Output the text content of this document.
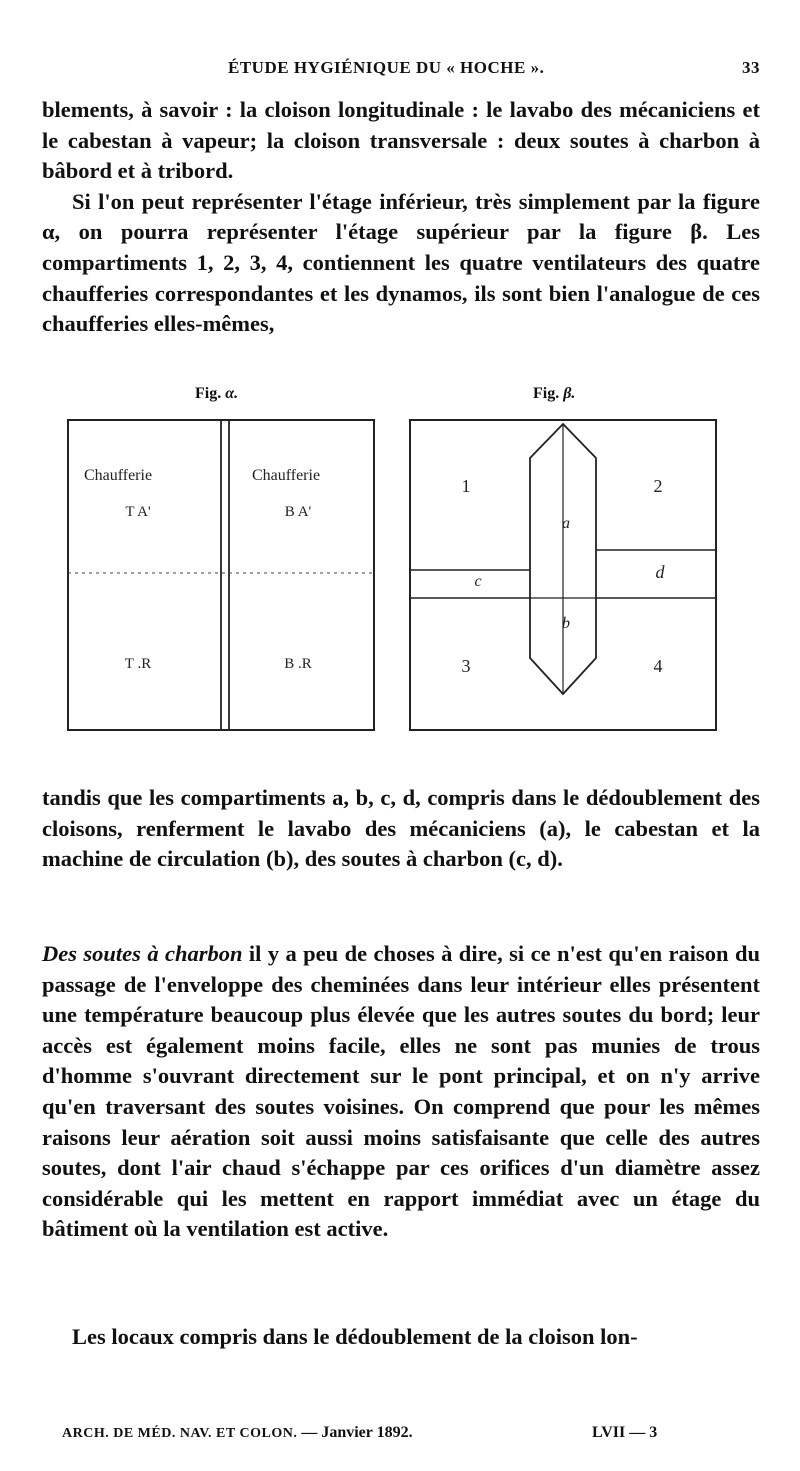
ÉTUDE HYGIÉNIQUE DU « HOCHE ».	33

blements, à savoir : la cloison longitudinale : le lavabo des mécaniciens et le cabestan à vapeur; la cloison transversale : deux soutes à charbon à bâbord et à tribord.
Si l'on peut représenter l'étage inférieur, très simplement par la figure α, on pourra représenter l'étage supérieur par la figure β. Les compartiments 1, 2, 3, 4, contiennent les quatre ventilateurs des quatre chaufferies correspondantes et les dynamos, ils sont bien l'analogue de ces chaufferies elles-mêmes,

Fig. α.	Fig. β.
Chaufferie
T A'
Chaufferie
B A'
T .R	B .R
1	2
3	4
a
b
c	d

tandis que les compartiments a, b, c, d, compris dans le dédoublement des cloisons, renferment le lavabo des mécaniciens (a), le cabestan et la machine de circulation (b), des soutes à charbon (c, d).

Des soutes à charbon il y a peu de choses à dire, si ce n'est qu'en raison du passage de l'enveloppe des cheminées dans leur intérieur elles présentent une température beaucoup plus élevée que les autres soutes du bord; leur accès est également moins facile, elles ne sont pas munies de trous d'homme s'ouvrant directement sur le pont principal, et on n'y arrive qu'en traversant des soutes voisines. On comprend que pour les mêmes raisons leur aération soit aussi moins satisfaisante que celle des autres soutes, dont l'air chaud s'échappe par ces orifices d'un diamètre assez considérable qui les mettent en rapport immédiat avec un étage du bâtiment où la ventilation est active.

Les locaux compris dans le dédoublement de la cloison lon-

ARCH. DE MÉD. NAV. ET COLON. — Janvier 1892.	LVII — 3
